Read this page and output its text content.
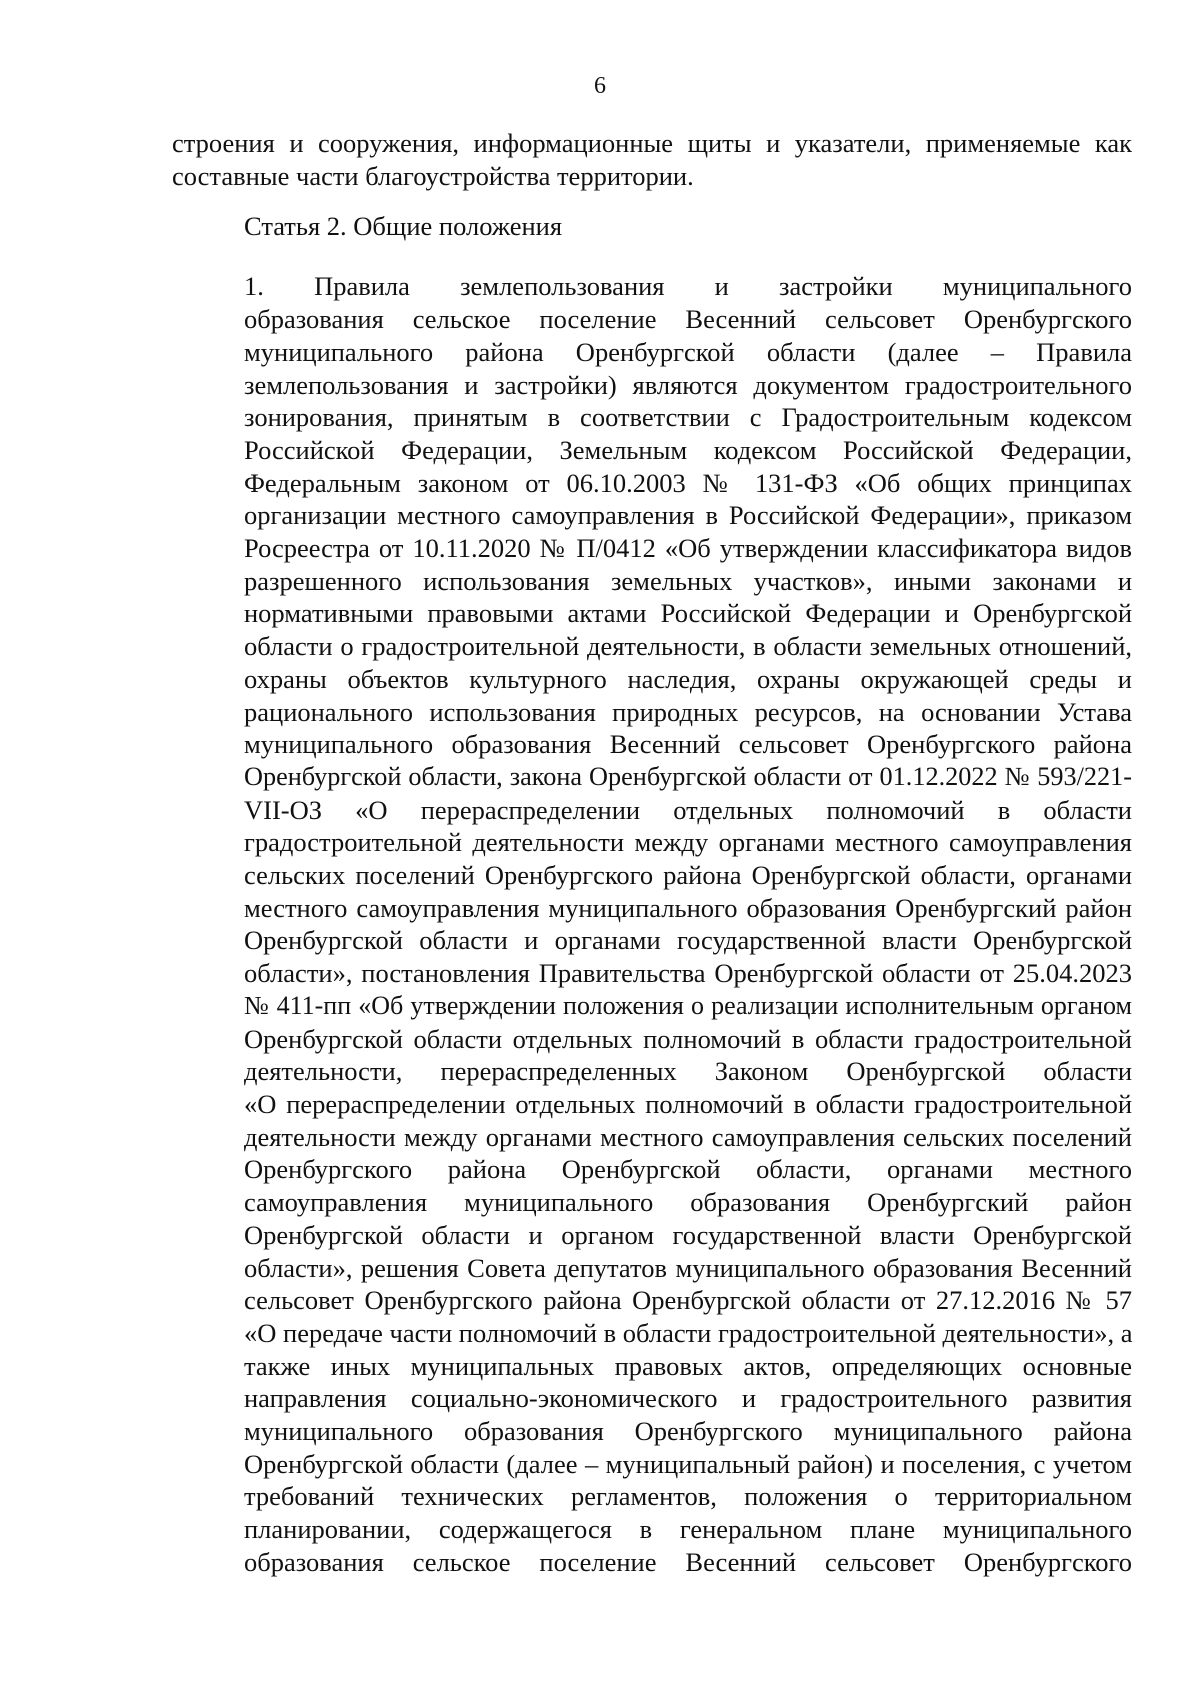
6
строения и сооружения, информационные щиты и указатели, применяемые как
составные части благоустройства территории.
Статья 2. Общие положения
1. Правила землепользования и застройки муниципального
образования сельское поселение Весенний сельсовет Оренбургского
муниципального района Оренбургской области (далее – Правила
землепользования и застройки) являются документом градостроительного
зонирования, принятым в соответствии с Градостроительным кодексом
Российской Федерации, Земельным кодексом Российской Федерации,
Федеральным законом от 06.10.2003 № 131-ФЗ «Об общих принципах
организации местного самоуправления в Российской Федерации», приказом
Росреестра от 10.11.2020 № П/0412 «Об утверждении классификатора видов
разрешенного использования земельных участков», иными законами и
нормативными правовыми актами Российской Федерации и Оренбургской
области о градостроительной деятельности, в области земельных отношений,
охраны объектов культурного наследия, охраны окружающей среды и
рационального использования природных ресурсов, на основании Устава
муниципального образования Весенний сельсовет Оренбургского района
Оренбургской области, закона Оренбургской области от 01.12.2022 № 593/221-
VII-ОЗ «О перераспределении отдельных полномочий в области
градостроительной деятельности между органами местного самоуправления
сельских поселений Оренбургского района Оренбургской области, органами
местного самоуправления муниципального образования Оренбургский район
Оренбургской области и органами государственной власти Оренбургской
области», постановления Правительства Оренбургской области от 25.04.2023
№ 411-пп «Об утверждении положения о реализации исполнительным органом
Оренбургской области отдельных полномочий в области градостроительной
деятельности, перераспределенных Законом Оренбургской области
«О перераспределении отдельных полномочий в области градостроительной
деятельности между органами местного самоуправления сельских поселений
Оренбургского района Оренбургской области, органами местного
самоуправления муниципального образования Оренбургский район
Оренбургской области и органом государственной власти Оренбургской
области», решения Совета депутатов муниципального образования Весенний
сельсовет Оренбургского района Оренбургской области от 27.12.2016 № 57
«О передаче части полномочий в области градостроительной деятельности», а
также иных муниципальных правовых актов, определяющих основные
направления социально-экономического и градостроительного развития
муниципального образования Оренбургского муниципального района
Оренбургской области (далее – муниципальный район) и поселения, с учетом
требований технических регламентов, положения о территориальном
планировании, содержащегося в генеральном плане муниципального
образования сельское поселение Весенний сельсовет Оренбургского
